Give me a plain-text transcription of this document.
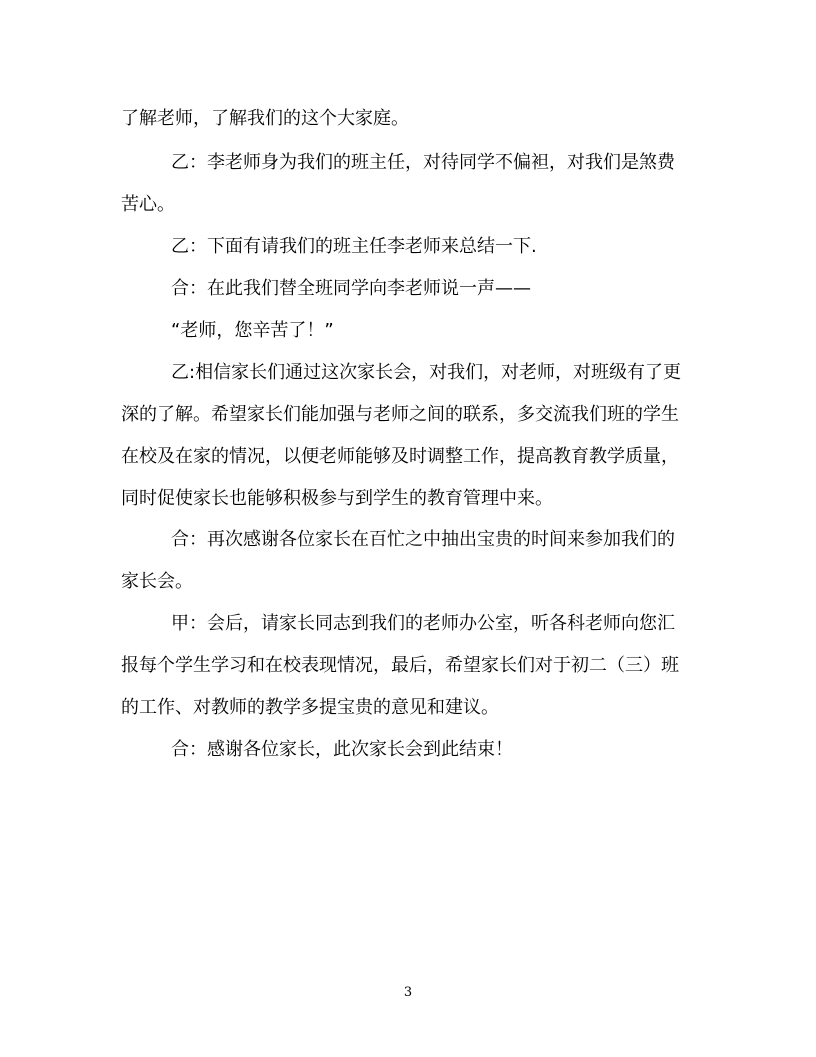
了解老师，了解我们的这个大家庭。
乙：李老师身为我们的班主任，对待同学不偏袒，对我们是煞费
苦心。
乙：下面有请我们的班主任李老师来总结一下.
合：在此我们替全班同学向李老师说一声——
“老师，您辛苦了！”
乙:相信家长们通过这次家长会，对我们，对老师，对班级有了更
深的了解。希望家长们能加强与老师之间的联系，多交流我们班的学生
在校及在家的情况，以便老师能够及时调整工作，提高教育教学质量，
同时促使家长也能够积极参与到学生的教育管理中来。
合：再次感谢各位家长在百忙之中抽出宝贵的时间来参加我们的
家长会。
甲：会后，请家长同志到我们的老师办公室，听各科老师向您汇
报每个学生学习和在校表现情况，最后，希望家长们对于初二（三）班
的工作、对教师的教学多提宝贵的意见和建议。
合：感谢各位家长，此次家长会到此结束！
3
